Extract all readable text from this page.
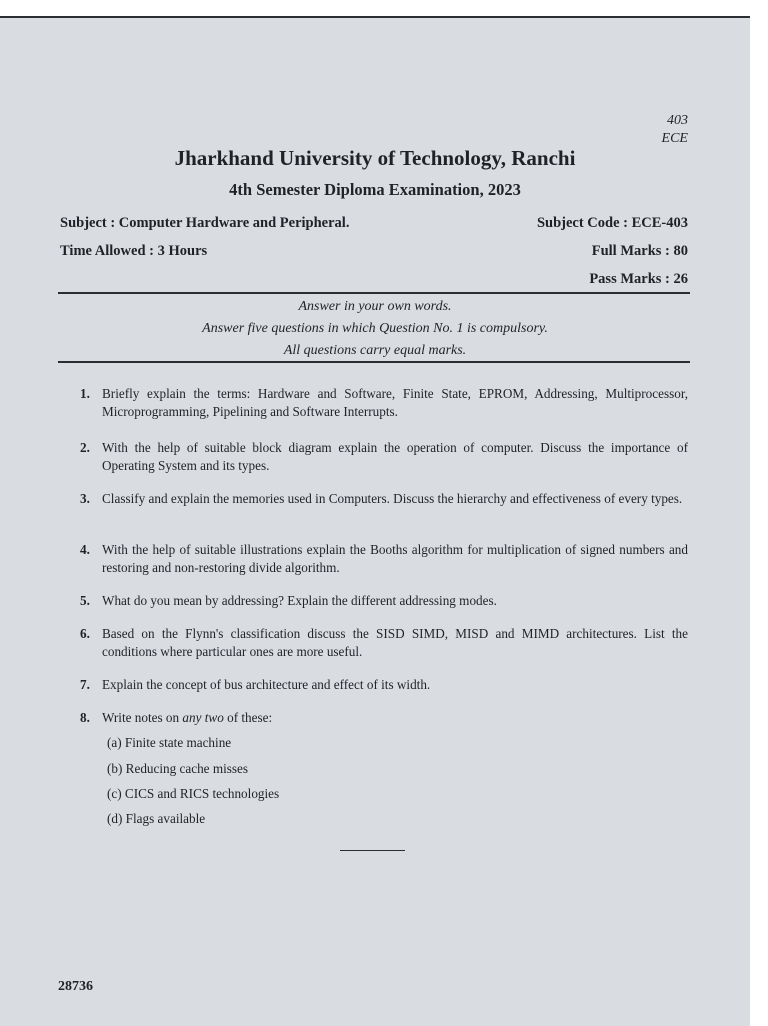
403
ECE
Jharkhand University of Technology, Ranchi
4th Semester Diploma Examination, 2023
Subject : Computer Hardware and Peripheral.	Subject Code : ECE-403
Time Allowed : 3 Hours	Full Marks : 80
Pass Marks : 26
Answer in your own words.
Answer five questions in which Question No. 1 is compulsory.
All questions carry equal marks.
1. Briefly explain the terms: Hardware and Software, Finite State, EPROM, Addressing, Multiprocessor, Microprogramming, Pipelining and Software Interrupts.
2. With the help of suitable block diagram explain the operation of computer. Discuss the importance of Operating System and its types.
3. Classify and explain the memories used in Computers. Discuss the hierarchy and effectiveness of every types.
4. With the help of suitable illustrations explain the Booths algorithm for multiplication of signed numbers and restoring and non-restoring divide algorithm.
5. What do you mean by addressing? Explain the different addressing modes.
6. Based on the Flynn's classification discuss the SISD SIMD, MISD and MIMD architectures. List the conditions where particular ones are more useful.
7. Explain the concept of bus architecture and effect of its width.
8. Write notes on any two of these:
(a) Finite state machine
(b) Reducing cache misses
(c) CICS and RICS technologies
(d) Flags available
28736
